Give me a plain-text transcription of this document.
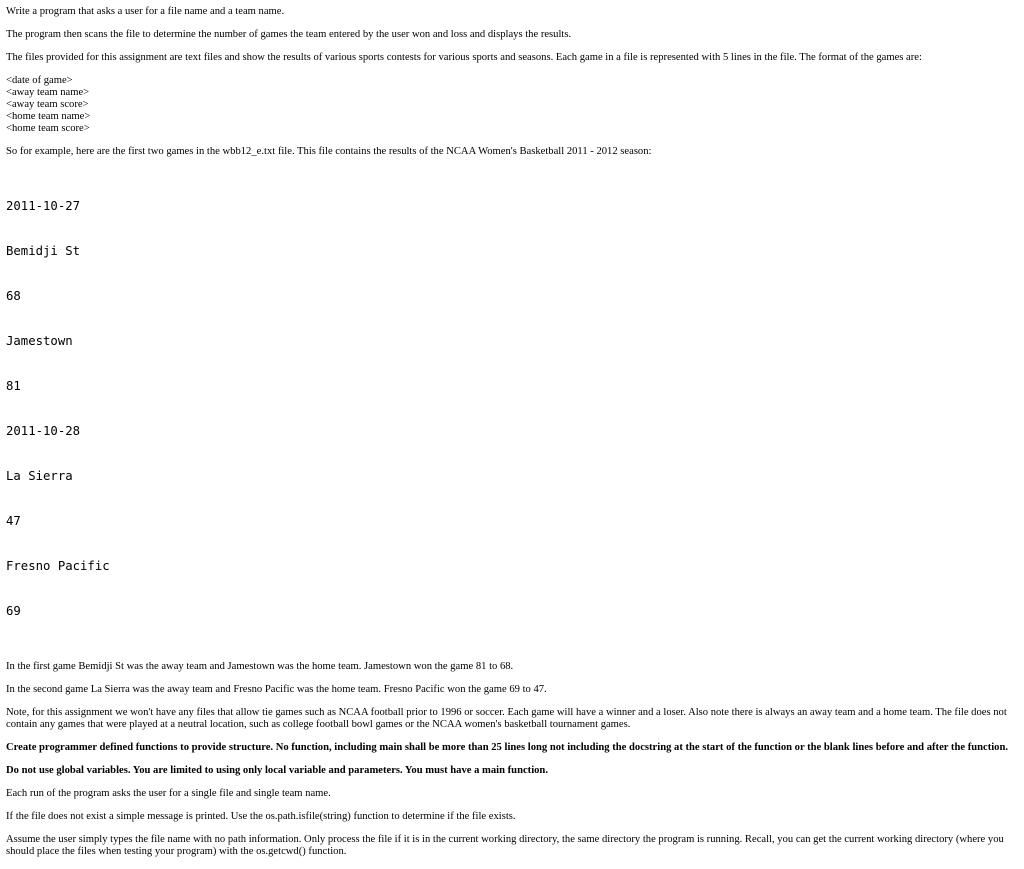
Write a program that asks a user for a file name and a team name.

The program then scans the file to determine the number of games the team entered by the user won and loss and displays the results.

The files provided for this assignment are text files and show the results of various sports contests for various sports and seasons. Each game in a file is represented with 5 lines in the file. The format of the games are:

<date of game>
<away team name>
<away team score>
<home team name>
<home team score>

So for example, here are the first two games in the wbb12_e.txt file. This file contains the results of the NCAA Women's Basketball 2011 - 2012 season:

2011-10-27

Bemidji St

68

Jamestown

81

2011-10-28

La Sierra

47

Fresno Pacific

69

In the first game Bemidji St was the away team and Jamestown was the home team. Jamestown won the game 81 to 68.

In the second game La Sierra was the away team and Fresno Pacific was the home team. Fresno Pacific won the game 69 to 47.

Note, for this assignment we won't have any files that allow tie games such as NCAA football prior to 1996 or soccer. Each game will have a winner and a loser. Also note there is always an away team and a home team. The file does not contain any games that were played at a neutral location, such as college football bowl games or the NCAA women's basketball tournament games.

Create programmer defined functions to provide structure. No function, including main shall be more than 25 lines long not including the docstring at the start of the function or the blank lines before and after the function.

Do not use global variables. You are limited to using only local variable and parameters. You must have a main function.

Each run of the program asks the user for a single file and single team name.

If the file does not exist a simple message is printed. Use the os.path.isfile(string) function to determine if the file exists.

Assume the user simply types the file name with no path information. Only process the file if it is in the current working directory, the same directory the program is running. Recall, you can get the current working directory (where you should place the files when testing your program) with the os.getcwd() function.
